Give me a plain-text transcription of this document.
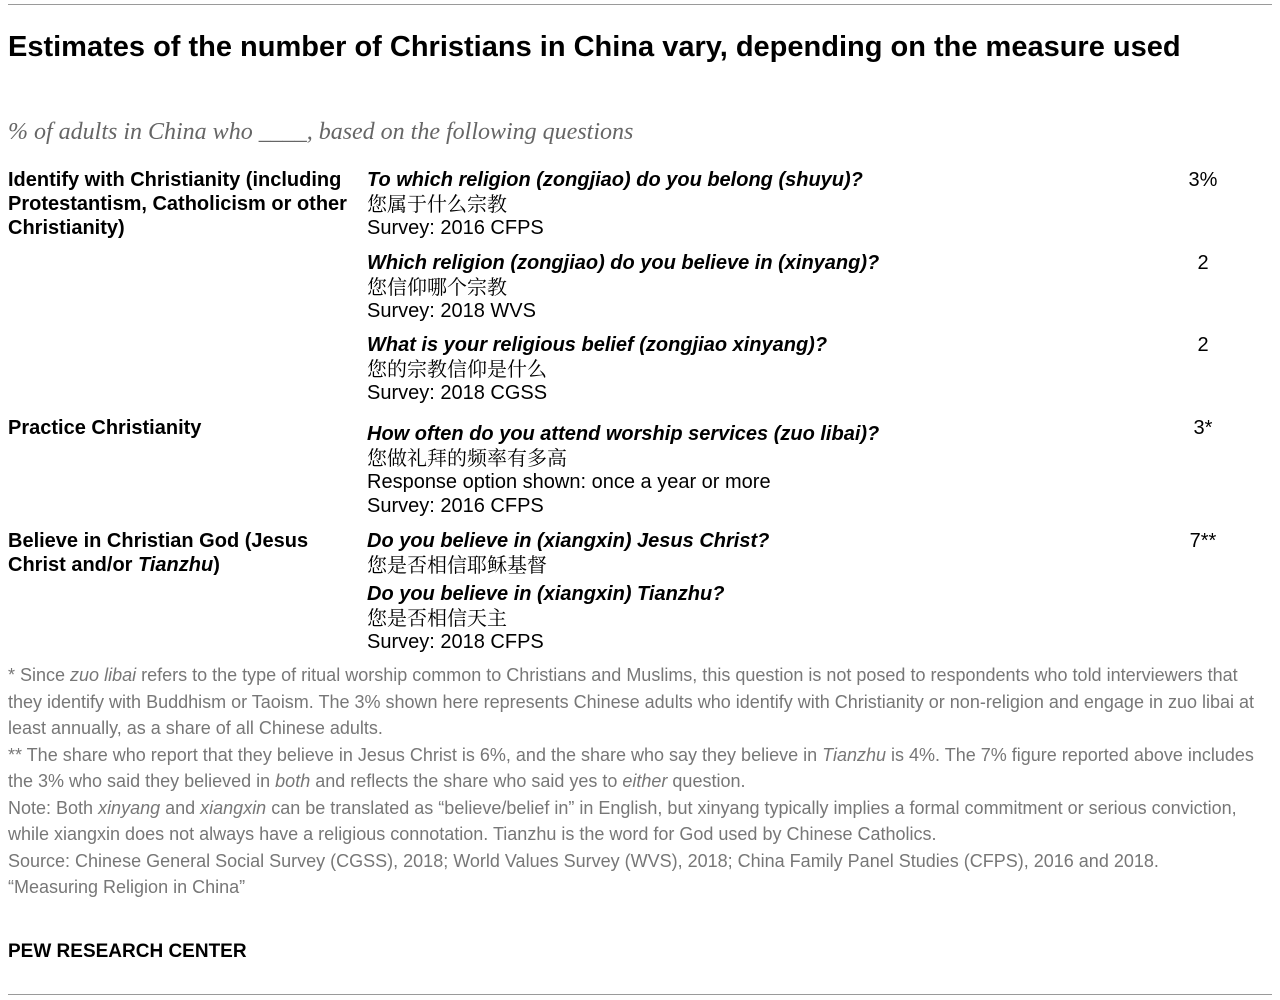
Estimates of the number of Christians in China vary, depending on the measure used
% of adults in China who ____, based on the following questions
Identify with Christianity (including Protestantism, Catholicism or other Christianity)
To which religion (zongjiao) do you belong (shuyu)?
您属于什么宗教
Survey: 2016 CFPS
3%
Which religion (zongjiao) do you believe in (xinyang)?
您信仰哪个宗教
Survey: 2018 WVS
2
What is your religious belief (zongjiao xinyang)?
您的宗教信仰是什么
Survey: 2018 CGSS
2
Practice Christianity	How often do you attend worship services (zuo libai)?
您做礼拜的频率有多高
Response option shown: once a year or more
Survey: 2016 CFPS
3*
Believe in Christian God (Jesus Christ and/or Tianzhu)
Do you believe in (xiangxin) Jesus Christ?
您是否相信耶稣基督
7**
Do you believe in (xiangxin) Tianzhu?
您是否相信天主
Survey: 2018 CFPS

* Since zuo libai refers to the type of ritual worship common to Christians and Muslims, this question is not posed to respondents who told interviewers that they identify with Buddhism or Taoism. The 3% shown here represents Chinese adults who identify with Christianity or non-religion and engage in zuo libai at least annually, as a share of all Chinese adults.

** The share who report that they believe in Jesus Christ is 6%, and the share who say they believe in Tianzhu is 4%. The 7% figure reported above includes the 3% who said they believed in both and reflects the share who said yes to either question.

Note: Both xinyang and xiangxin can be translated as “believe/belief in” in English, but xinyang typically implies a formal commitment or serious conviction, while xiangxin does not always have a religious connotation. Tianzhu is the word for God used by Chinese Catholics.

Source: Chinese General Social Survey (CGSS), 2018; World Values Survey (WVS), 2018; China Family Panel Studies (CFPS), 2016 and 2018.

“Measuring Religion in China”

PEW RESEARCH CENTER
